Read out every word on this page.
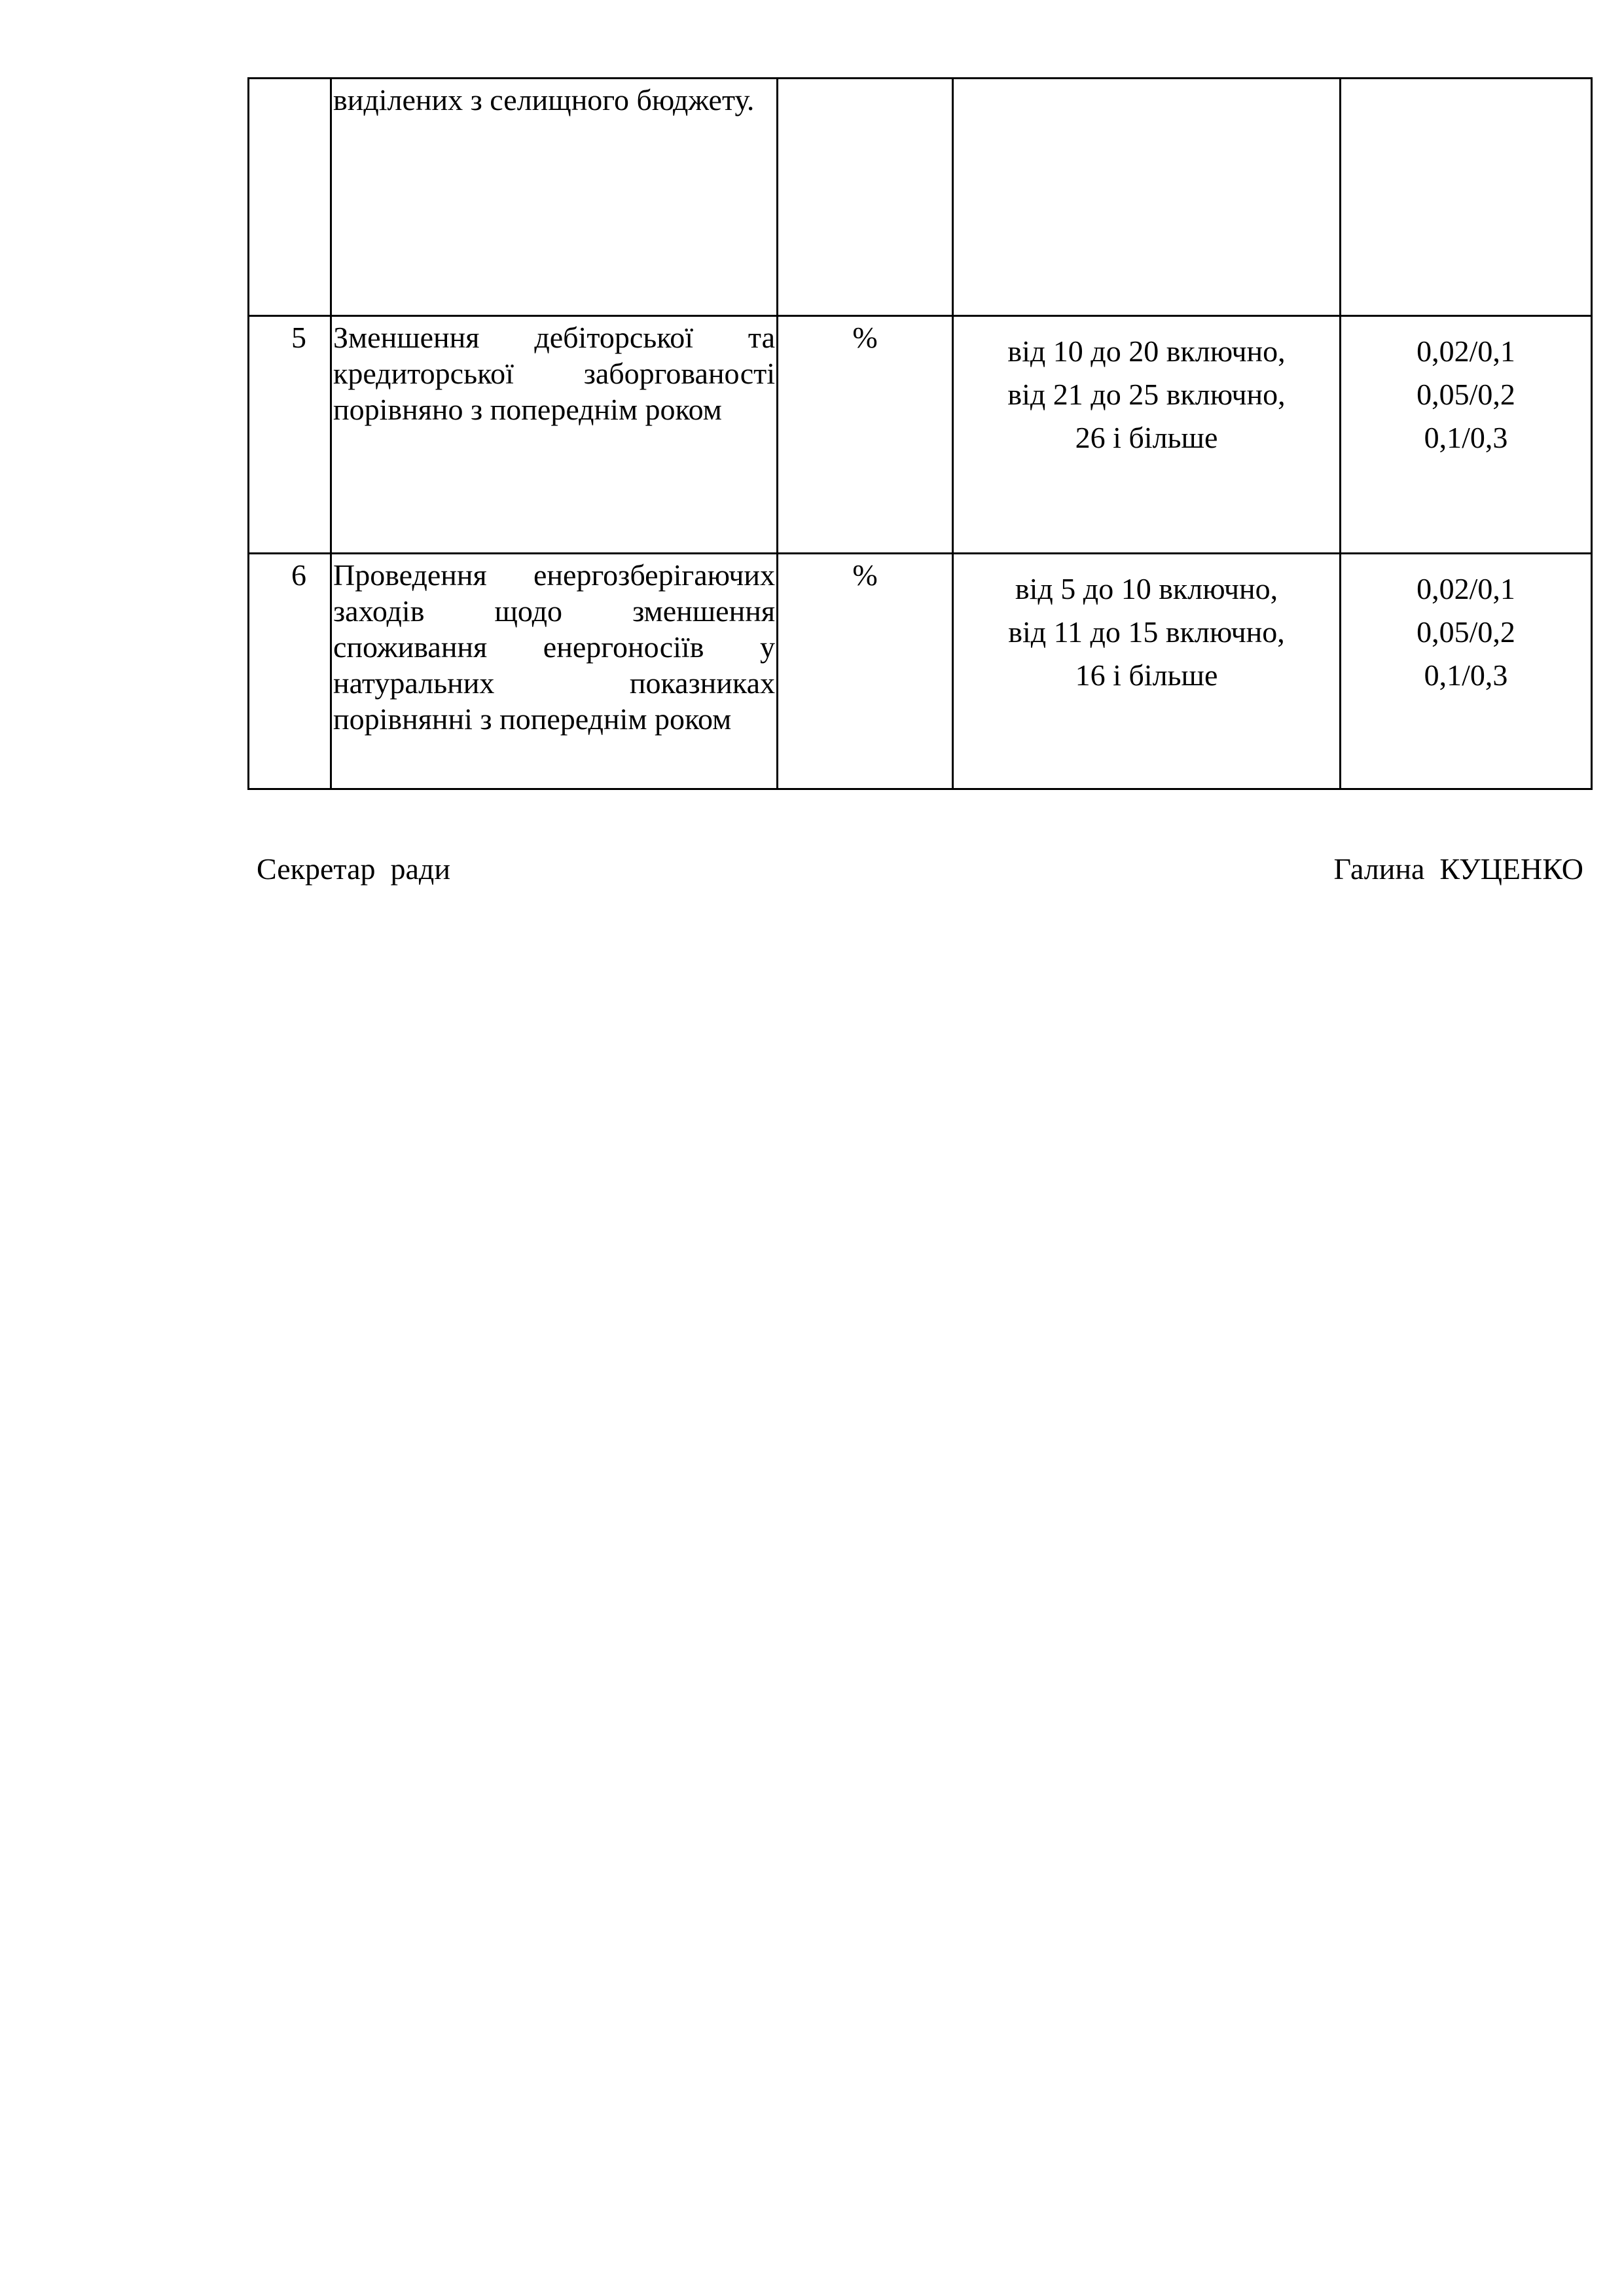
	виділених з селищного бюджету.			

5	Зменшення дебіторської та кредиторської заборгованості порівняно з попереднім роком	%	від 10 до 20 включно,
від 21 до 25 включно,
26 і більше	0,02/0,1
0,05/0,2
0,1/0,3

6	Проведення енергозберігаючих заходів щодо зменшення споживання енергоносіїв у натуральних показниках порівнянні з попереднім роком	%	від 5 до 10 включно,
від 11 до 15 включно,
16 і більше	0,02/0,1
0,05/0,2
0,1/0,3
Секретар  ради	Галина  КУЦЕНКО
